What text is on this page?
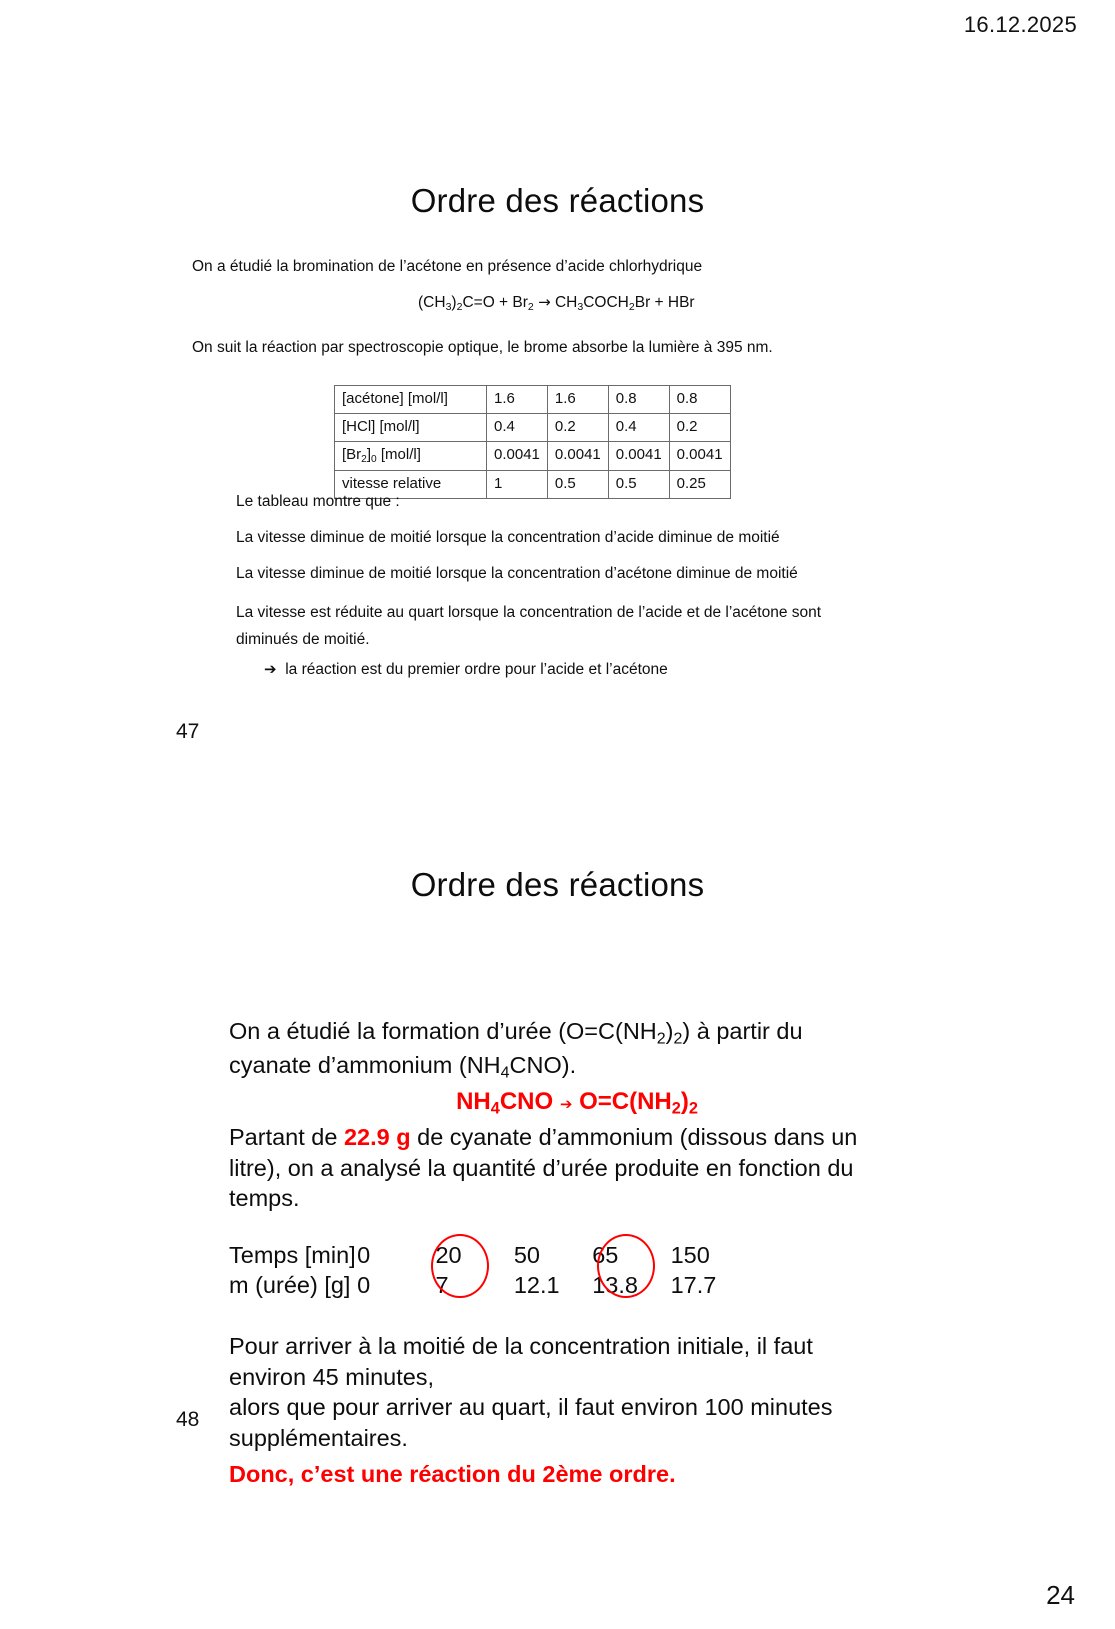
16.12.2025
24
Ordre des réactions
On a étudié la bromination de l’acétone en présence d’acide chlorhydrique
$(CH_3)_2C=O + Br_2$ → $CH_3COCH_2Br$ + HBr
On suit la réaction par spectroscopie optique, le brome absorbe la lumière à 395 nm.
[acétone] [mol/l]	1.6	1.6	0.8	0.8
[HCl] [mol/l]	0.4	0.2	0.4	0.2
$[Br_2]_0$ [mol/l]	0.0041	0.0041	0.0041	0.0041
vitesse relative	1	0.5	0.5	0.25
Le tableau montre que :
La vitesse diminue de moitié lorsque la concentration d’acide diminue de moitié
La vitesse diminue de moitié lorsque la concentration d’acétone diminue de moitié
La vitesse est réduite au quart lorsque la concentration de l’acide et de l’acétone sont diminués de moitié.
➔ la réaction est du premier ordre pour l’acide et l’acétone
47
Ordre des réactions

On a étudié la formation d’urée $(O=C(NH_2)_2)$ à partir du cyanate d’ammonium $(NH_4CNO)$.

$NH_4CNO$ ➔ $O=C(NH_2)_2$

Partant de 22.9 g de cyanate d’ammonium (dissous dans un litre), on a analysé la quantité d’urée produite en fonction du temps.

Temps [min] 0	20	50	65	150
m (urée) [g] 0	7	12.1	13.8	17.7

Pour arriver à la moitié de la concentration initiale, il faut environ 45 minutes,

alors que pour arriver au quart, il faut environ 100 minutes supplémentaires.

Donc, c’est une réaction du 2ème ordre.

48
